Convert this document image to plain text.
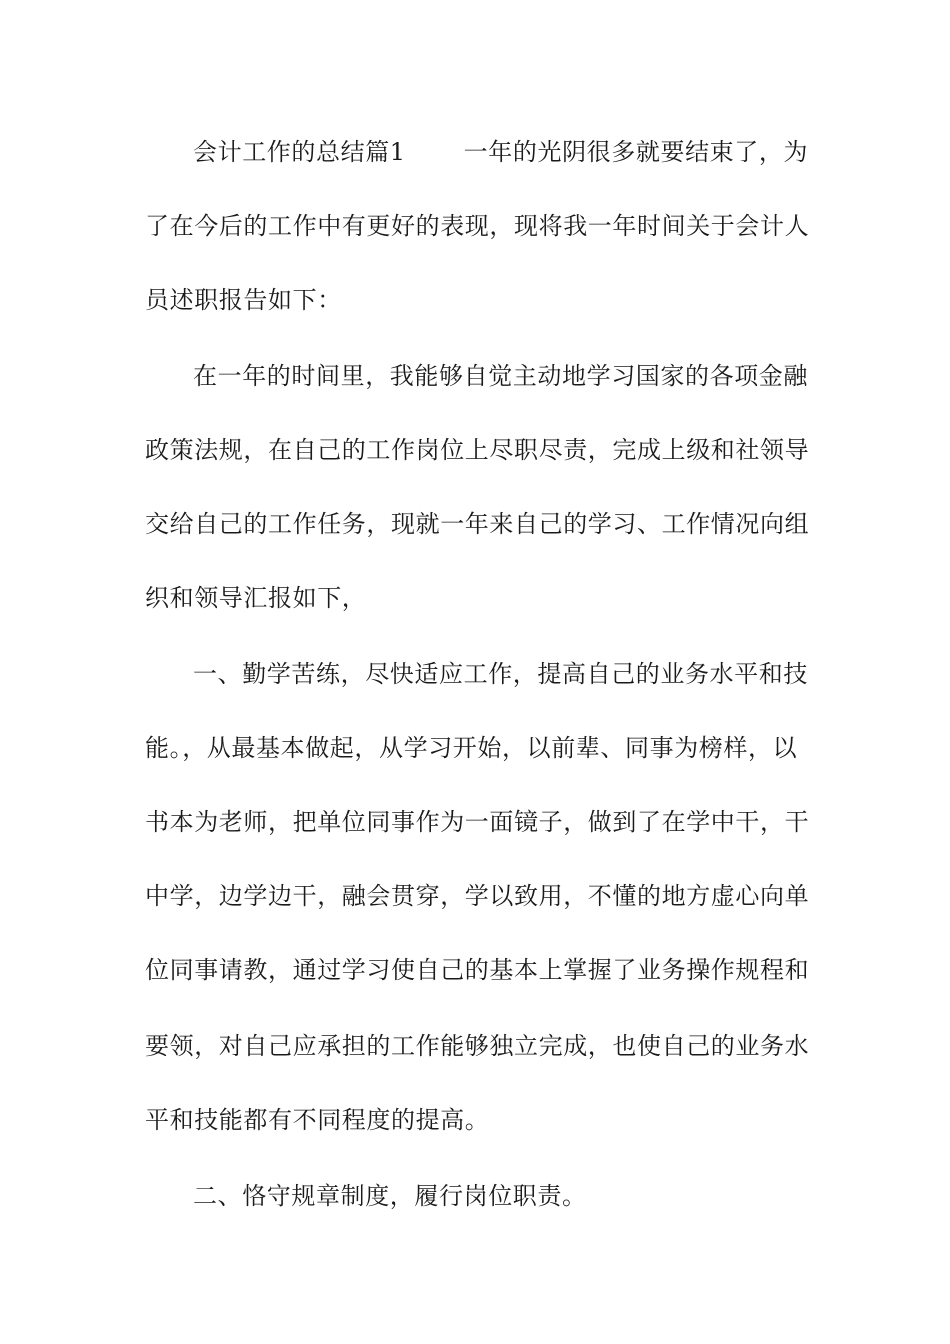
会计工作的总结篇1 一年的光阴很多就要结束了，为
了在今后的工作中有更好的表现，现将我一年时间关于会计人
员述职报告如下：
在一年的时间里，我能够自觉主动地学习国家的各项金融
政策法规，在自己的工作岗位上尽职尽责，完成上级和社领导
交给自己的工作任务，现就一年来自己的学习、工作情况向组
织和领导汇报如下，
一、勤学苦练，尽快适应工作，提高自己的业务水平和技
能。，从最基本做起，从学习开始，以前辈、同事为榜样，以
书本为老师，把单位同事作为一面镜子，做到了在学中干，干
中学，边学边干，融会贯穿，学以致用，不懂的地方虚心向单
位同事请教，通过学习使自己的基本上掌握了业务操作规程和
要领，对自己应承担的工作能够独立完成，也使自己的业务水
平和技能都有不同程度的提高。
二、恪守规章制度，履行岗位职责。
